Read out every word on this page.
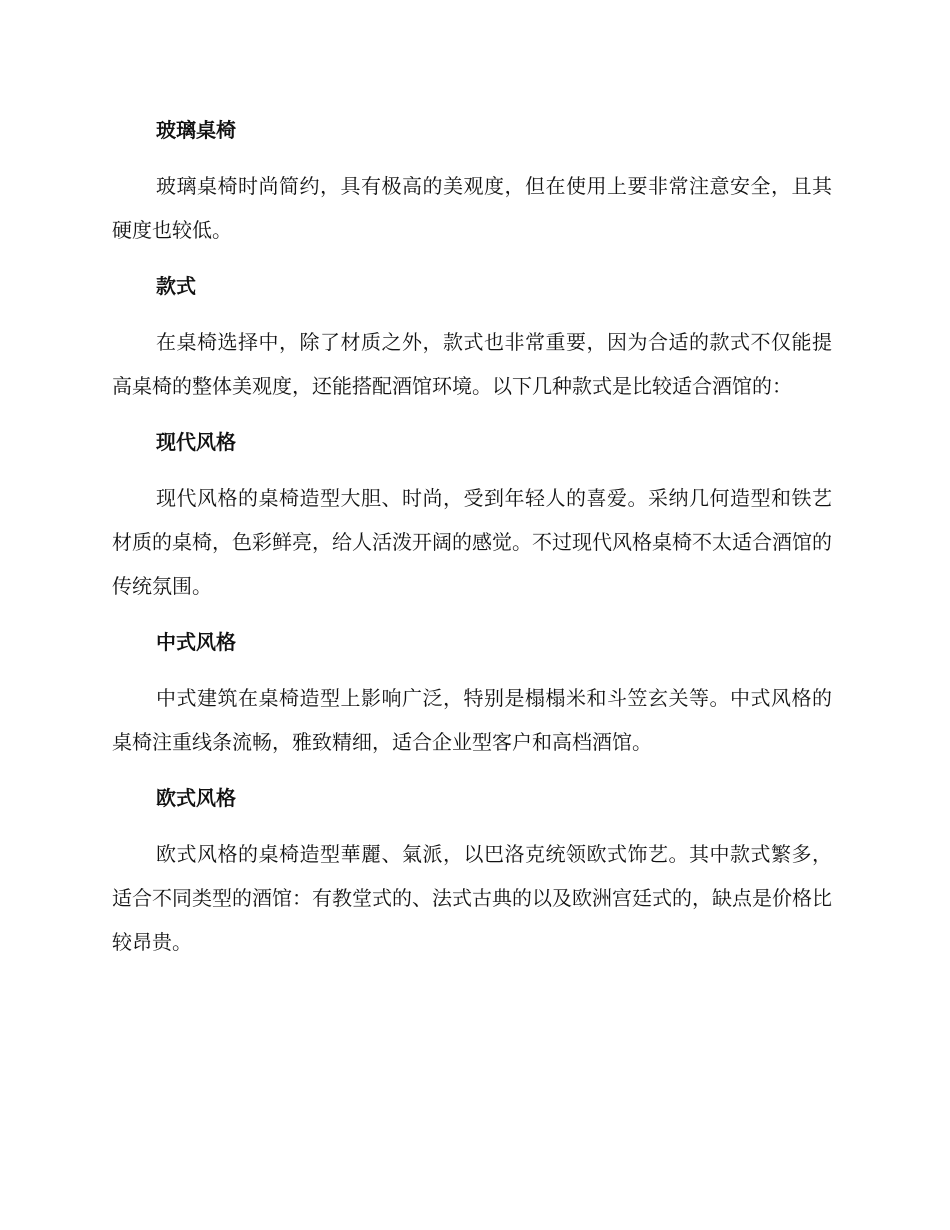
玻璃桌椅

玻璃桌椅时尚简约，具有极高的美观度，但在使用上要非常注意安全，且其硬度也较低。

款式

在桌椅选择中，除了材质之外，款式也非常重要，因为合适的款式不仅能提高桌椅的整体美观度，还能搭配酒馆环境。以下几种款式是比较适合酒馆的：

现代风格

现代风格的桌椅造型大胆、时尚，受到年轻人的喜爱。采纳几何造型和铁艺材质的桌椅，色彩鲜亮，给人活泼开阔的感觉。不过现代风格桌椅不太适合酒馆的传统氛围。

中式风格

中式建筑在桌椅造型上影响广泛，特别是榻榻米和斗笠玄关等。中式风格的桌椅注重线条流畅，雅致精细，适合企业型客户和高档酒馆。

欧式风格

欧式风格的桌椅造型華麗、氣派，以巴洛克统领欧式饰艺。其中款式繁多，适合不同类型的酒馆：有教堂式的、法式古典的以及欧洲宫廷式的，缺点是价格比较昂贵。
